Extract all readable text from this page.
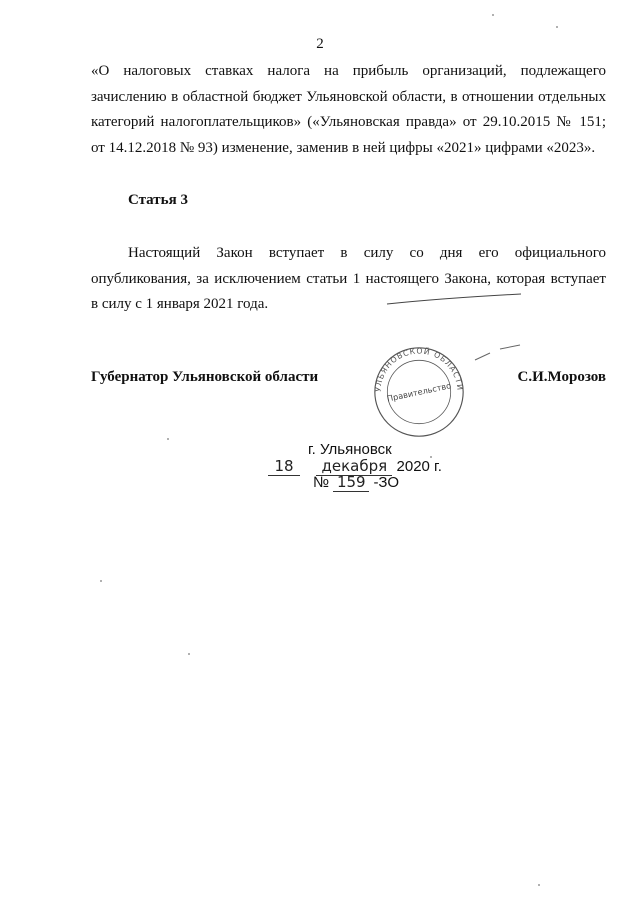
2
«О налоговых ставках налога на прибыль организаций, подлежащего
зачислению в областной бюджет Ульяновской области, в отношении отдельных
категорий налогоплательщиков» («Ульяновская правда» от 29.10.2015 № 151;
от 14.12.2018 № 93) изменение, заменив в ней цифры «2021» цифрами «2023».
Статья 3
Настоящий Закон вступает в силу со дня его официального
опубликования, за исключением статьи 1 настоящего Закона, которая вступает
в силу с 1 января 2021 года.
Губернатор Ульяновской области	С.И.Морозов
УЛЬЯНОВСКОЙ ОБЛАСТИ
Правительство
г. Ульяновск
18 декабря 2020 г.
№ 159 -ЗО
